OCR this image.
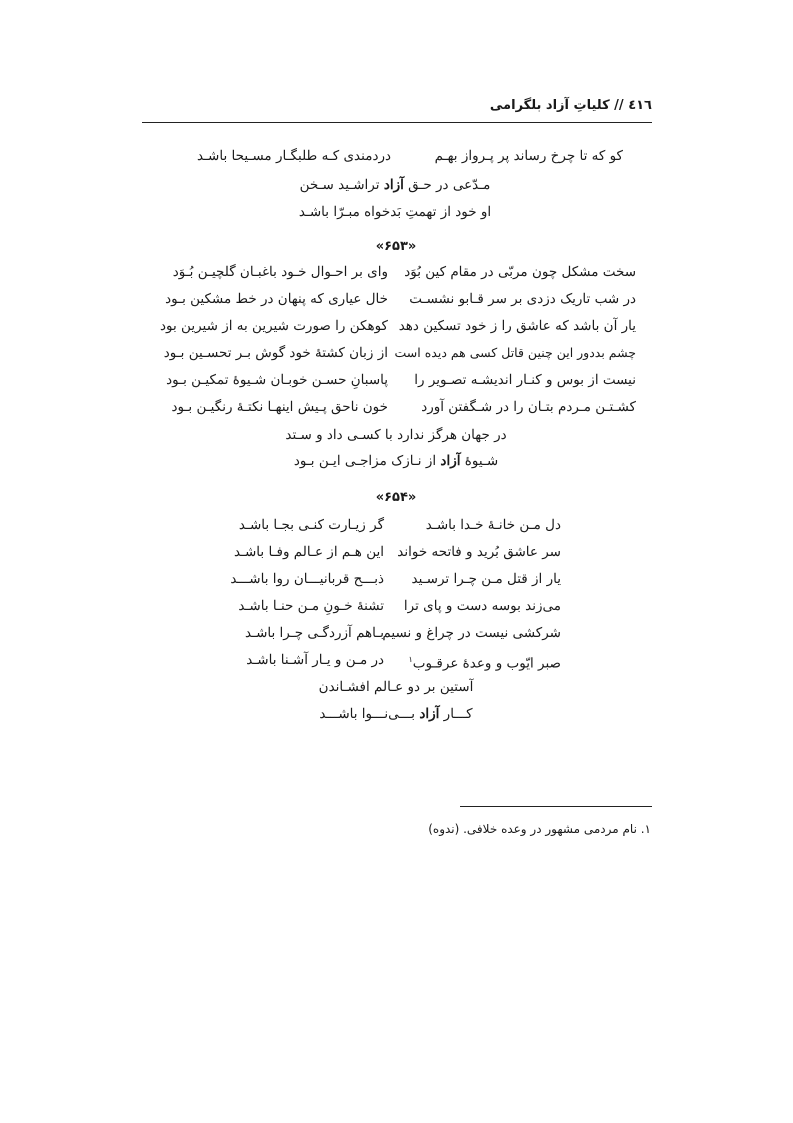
٤١٦ // کلیاتِ آزاد بلگرامی
کو که تا چرخ رساند پر پـرواز بهـم
دردمندی کـه طلبگـار مسـیحا باشـد
مـدّعی در حـق آزاد تراشـید سـخن
او خود از تهمتِ بَدخواه مبـرّا باشـد
«۶۵۳»
سخت مشکل چون مربّی در مقام کین بُوَد
وای بر احـوال خـود باغبـان گلچیـن بُـوَد
در شب تاریک دزدی بر سر قـابو نشسـت
خال عیاری که پنهان در خط مشکین بـود
یار آن باشد که عاشق را ز خود تسکین دهد
کوهکن را صورت شیرین به از شیرین بود
چشم بددور این چنین قاتل کسی هم دیده است
از زبان کشتهٔ خود گوش بـر تحسـین بـود
نیست از بوس و کنـار اندیشـه تصـویر را
پاسبانِ حسـن خوبـان شـیوهٔ تمکیـن بـود
کشـتـن مـردم بتـان را در شـگفتن آورد
خون ناحق پـیش اینهـا نکتـهٔ رنگیـن بـود
در جهان هرگز ندارد با کسـی داد و سـتد
شـیوهٔ آزاد از نـازک مزاجـی ایـن بـود
«۶۵۴»
دل مـن خانـهٔ خـدا باشـد
گر زیـارت کنـی بجـا باشـد
سر عاشق بُرید و فاتحه خواند
این هـم از عـالم وفـا باشـد
یار از قتل مـن چـرا ترسـید
ذبـــح قربانیـــان روا باشـــد
می‌زند بوسه دست و پای ترا
تشنهٔ خـونِ مـن حنـا باشـد
شرکشی نیست در چراغ و نسیم
بـاهم آزردگـی چـرا باشـد
صبر ایّوب و وعدهٔ عرقـوب$^١$
در مـن و یـار آشـنا باشـد
آستین بر دو عـالم افشـاندن
کـــار آزاد بـــی‌نـــوا باشـــد
١. نام مردمی مشهور در وعده خلافی. (ندوه)
